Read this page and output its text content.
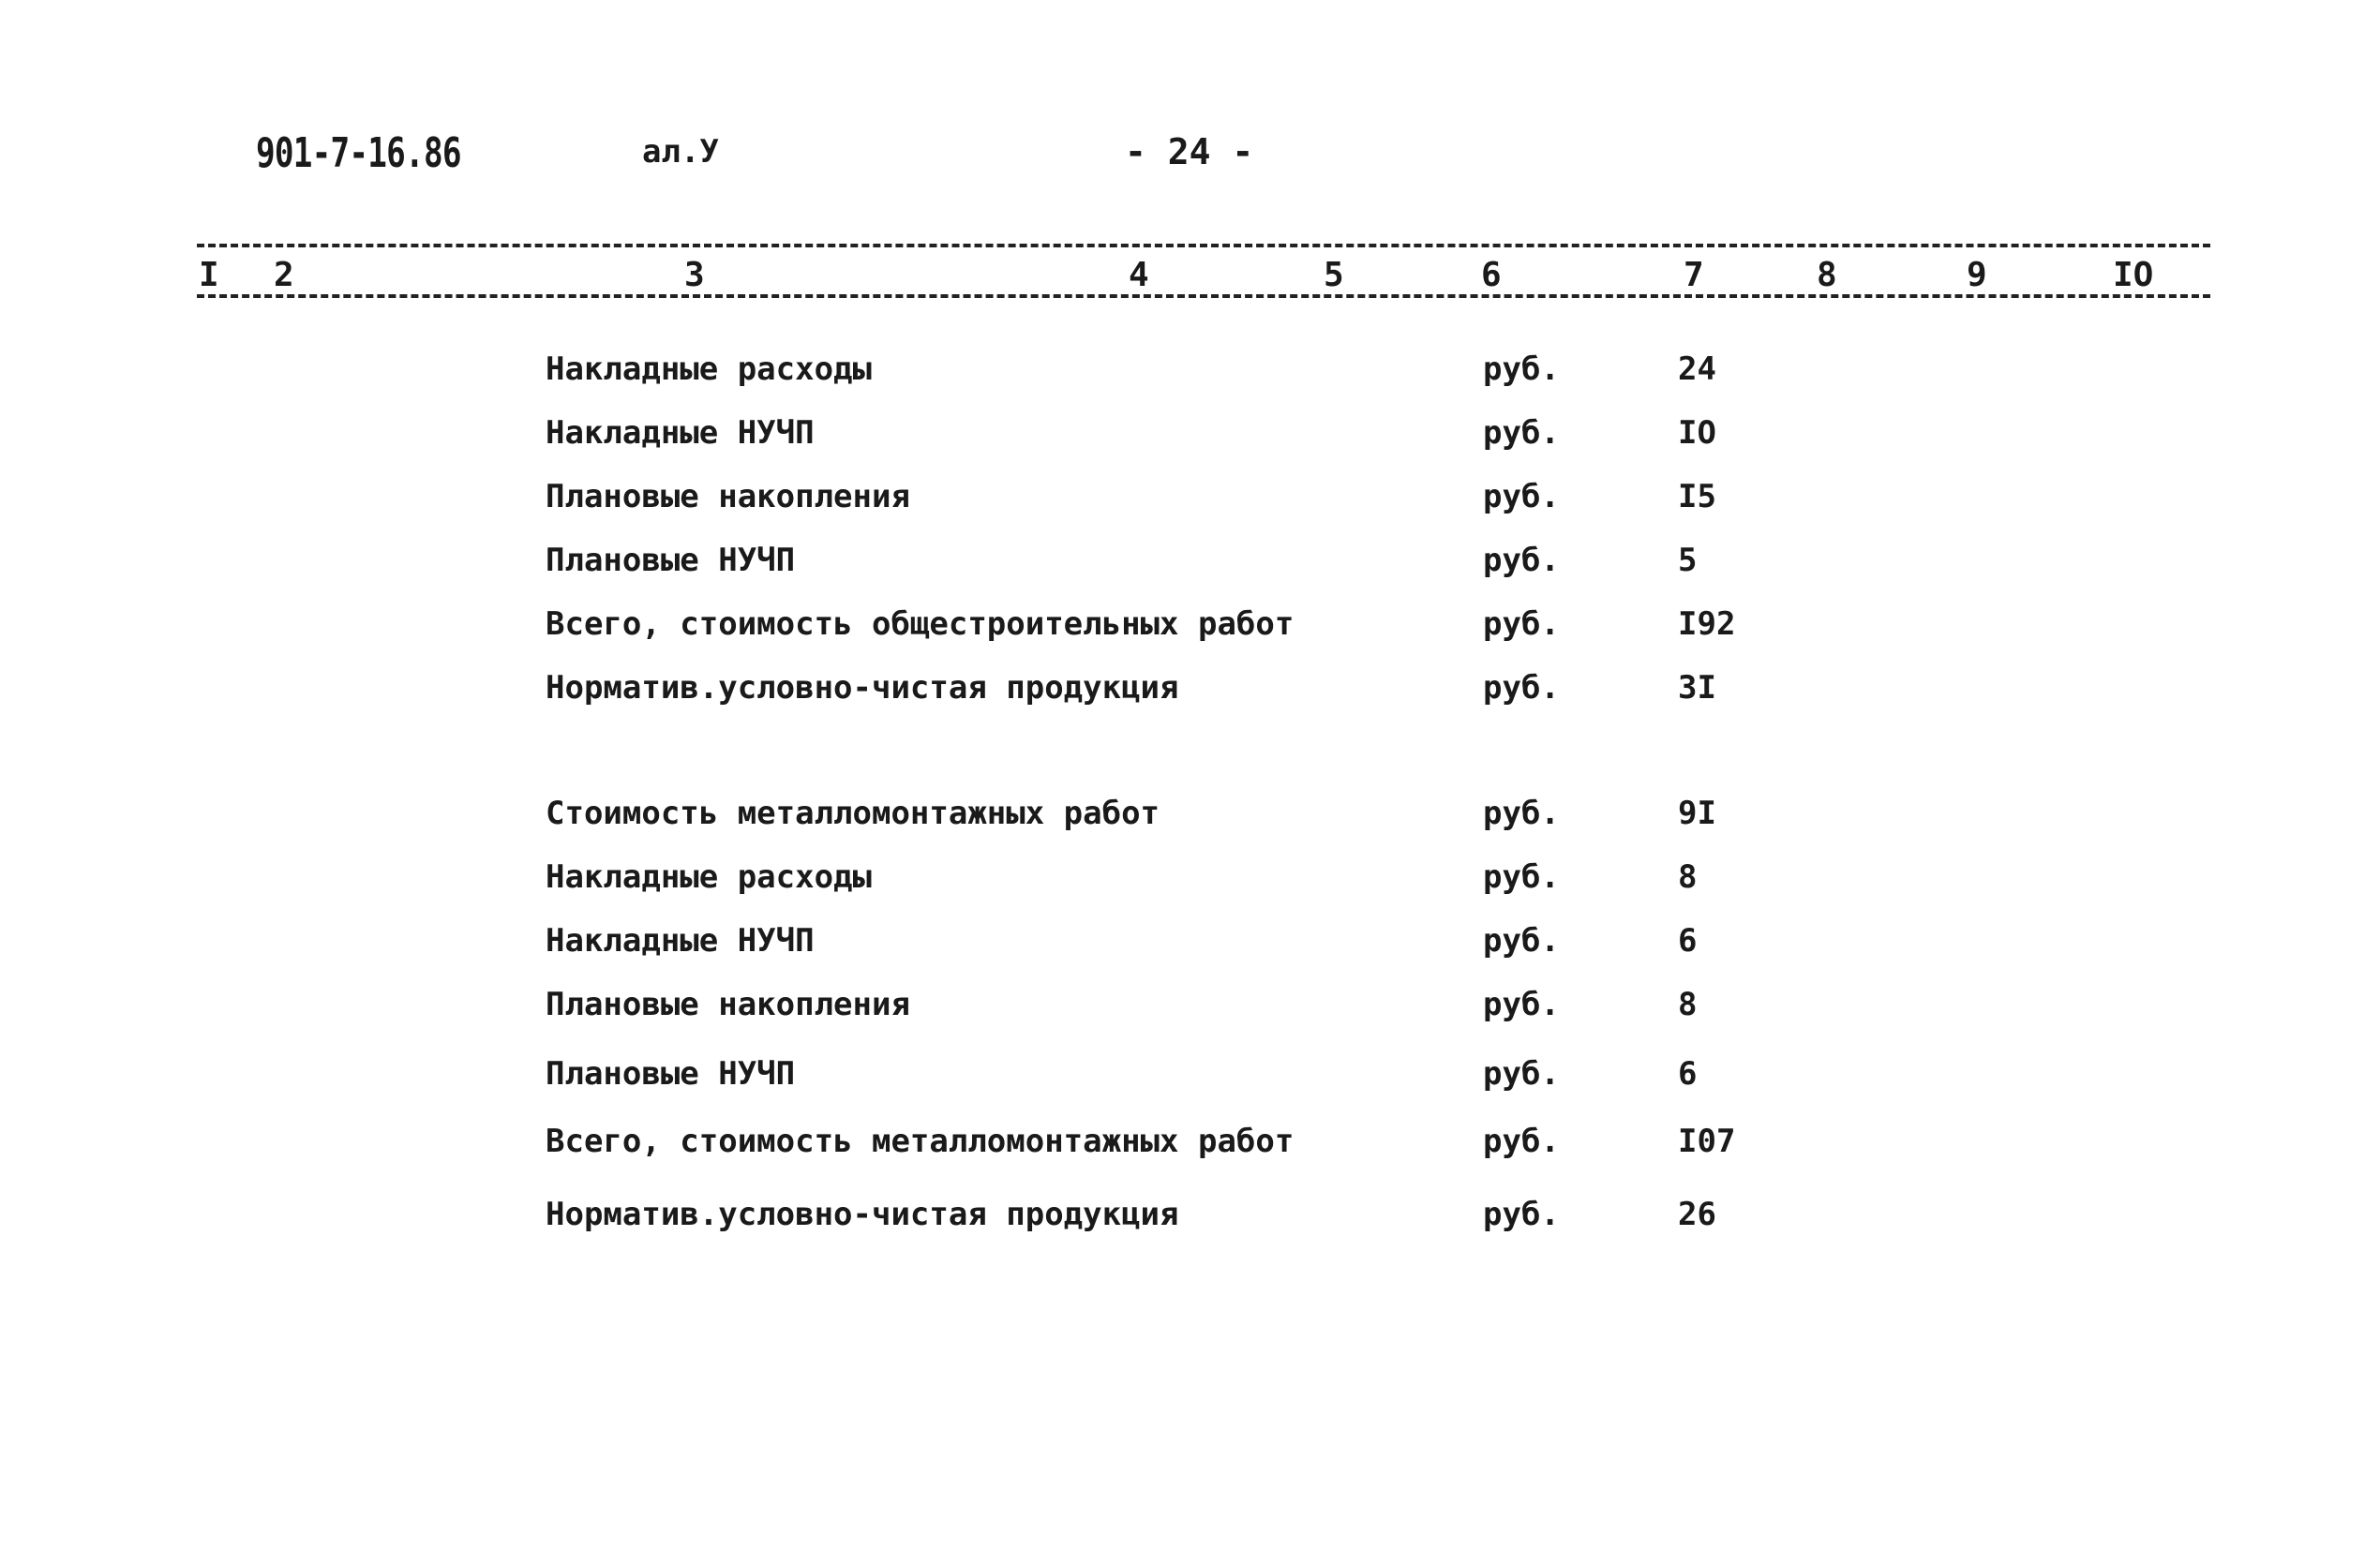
901-7-16.86	ал.У	- 24 -
I 2	3	4	5	6	7	8	9	IO
Накладные расходы	руб.	24
Накладные НУЧП	руб.	IO
Плановые накопления	руб.	I5
Плановые НУЧП	руб.	5
Всего, стоимость общестроительных работ	руб.	I92
Норматив.условно-чистая продукция	руб.	3I
Стоимость металломонтажных работ	руб.	9I
Накладные расходы	руб.	8
Накладные НУЧП	руб.	6
Плановые накопления	руб.	8
Плановые НУЧП	руб.	6
Всего, стоимость металломонтажных работ	руб.	I07
Норматив.условно-чистая продукция	руб.	26
